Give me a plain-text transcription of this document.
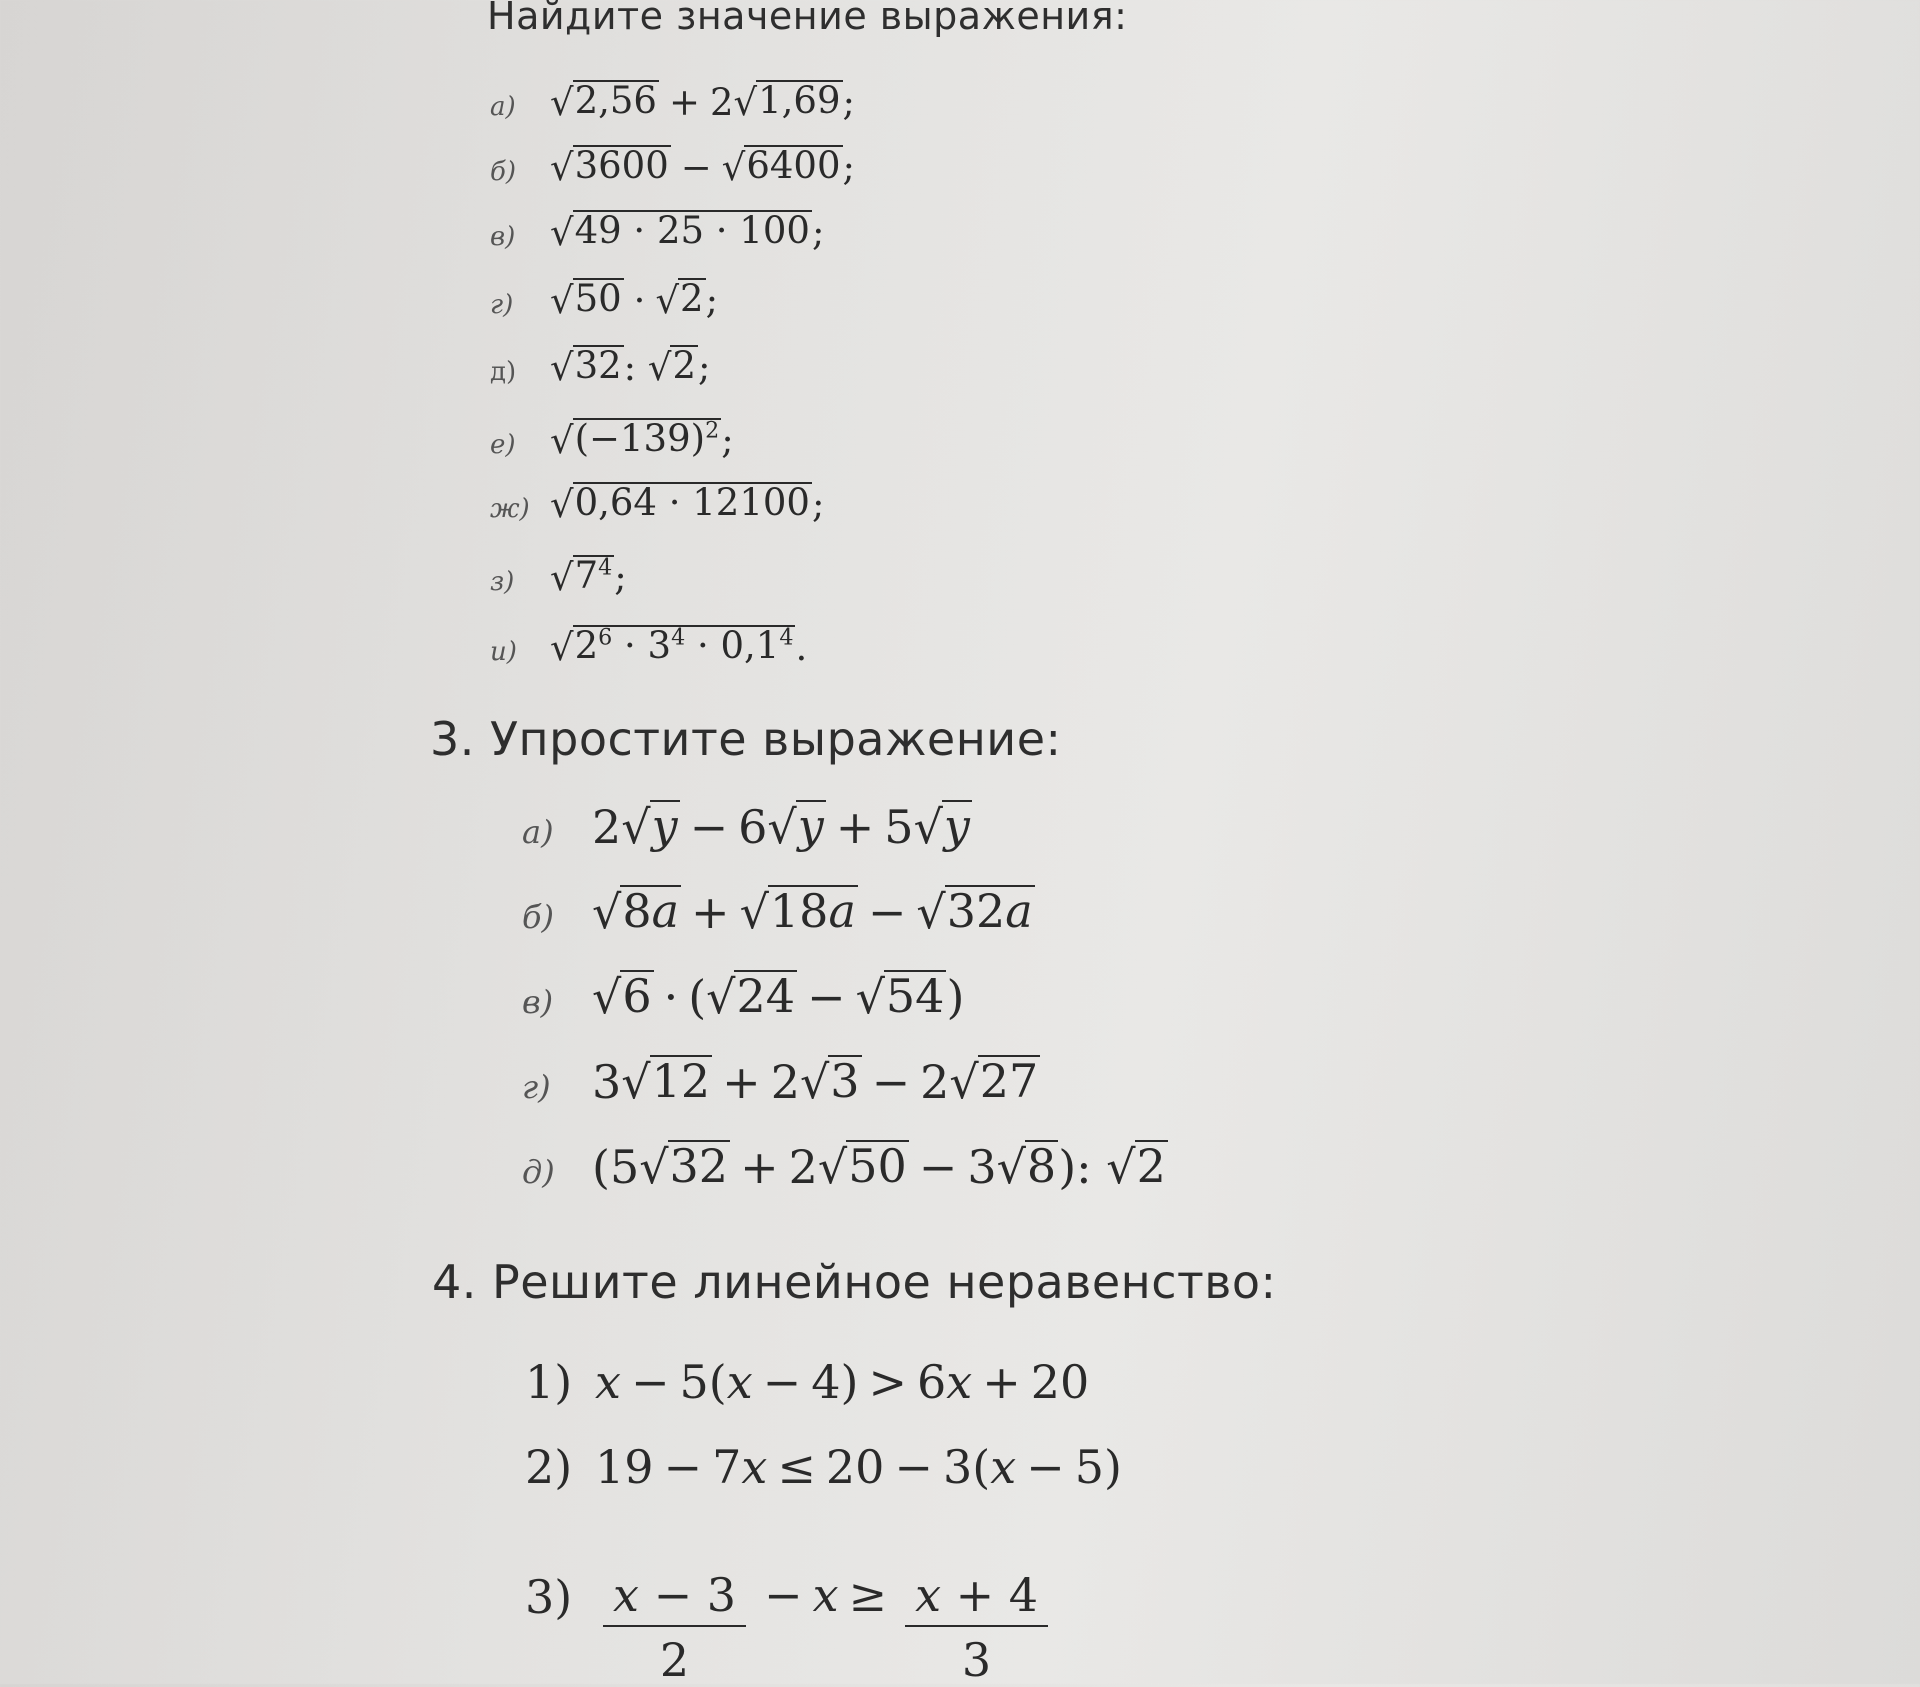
Найдите значение выражения:
а) √ 2,56 + 2 √ 1,69 ;
б) √ 3600 − √ 6400 ;
в) √ 49 · 25 · 100 ;
г) √ 50 · √ 2 ;
д) √ 32 : √ 2 ;
е) √ $(-139)^2$ ;
ж) √ 0,64 · 12100 ;
з) √ $7^4$ ;
и) √ $2^6 \cdot 3^4 \cdot 0,1^4$ .
3. Упростите выражение:
а) 2 √ y − 6 √ y + 5 √ y
б) √ 8a + √ 18a − √ 32a
в) √ 6 · ( √ 24 − √ 54 )
г) 3 √ 12 + 2 √ 3 − 2 √ 27
д) (5 √ 32 + 2 √ 50 − 3 √ 8 ): √ 2
4. Решите линейное неравенство:
1) x − 5( x − 4) > 6 x + 20
2) 19 − 7 x ≤ 20 − 3( x − 5)
$3) \frac{x - 3}{2} - x \ge \frac{x + 4}{3}$
